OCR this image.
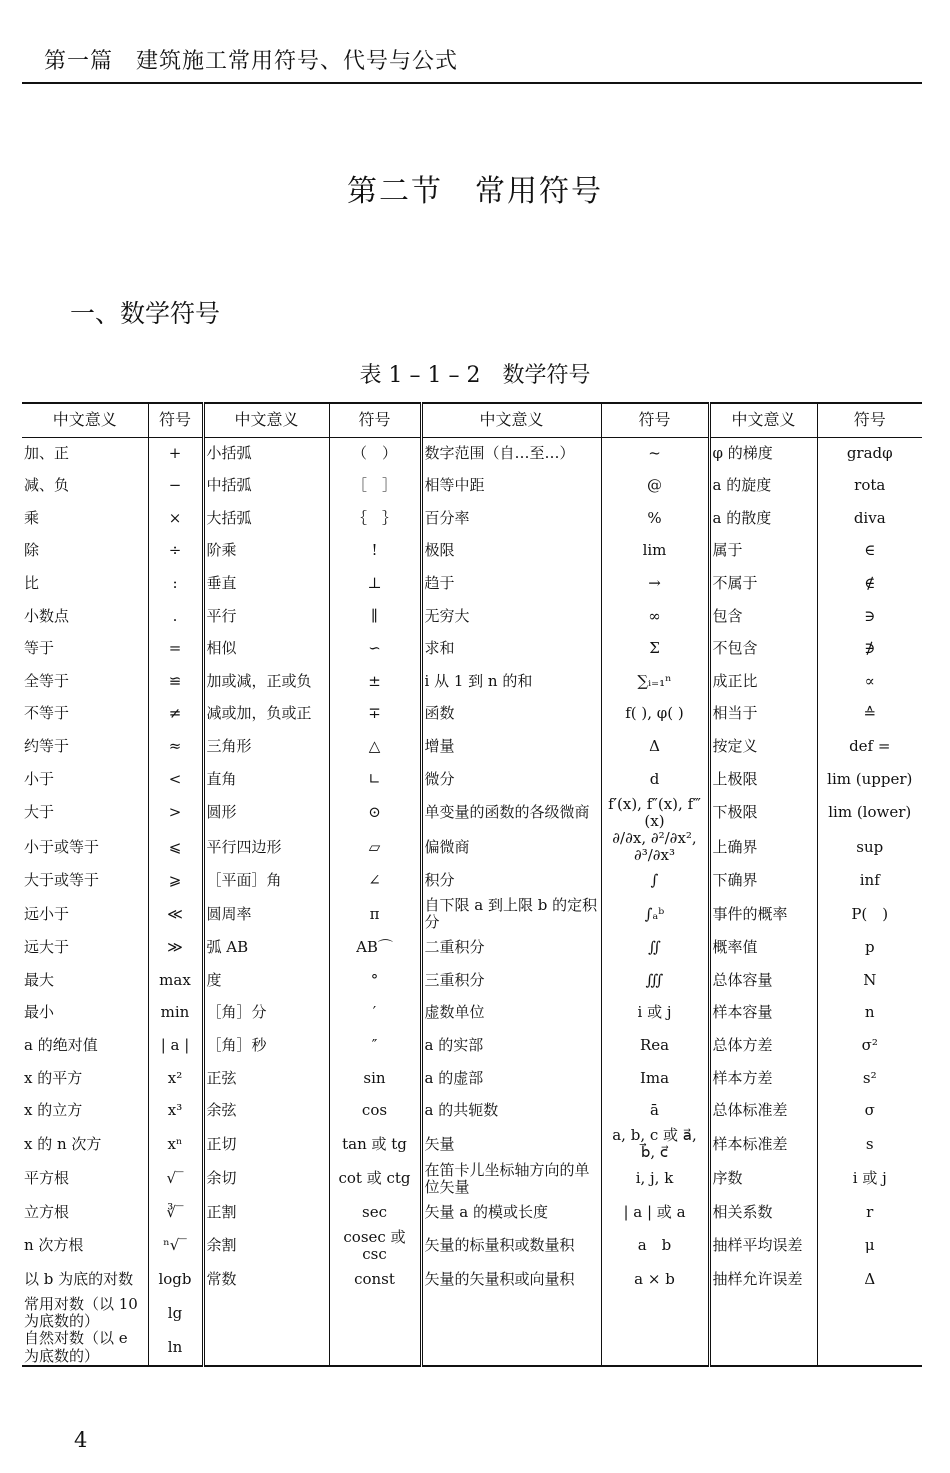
第一篇　建筑施工常用符号、代号与公式
第二节　常用符号
一、数学符号
表 1 – 1 – 2　数学符号
中文意义	符号	中文意义	符号	中文意义	符号	中文意义	符号
加、正	+	小括弧	（　）	数字范围（自…至…）	~	φ 的梯度	gradφ
减、负	−	中括弧	［　］	相等中距	@	a 的旋度	rota
乘	×	大括弧	｛　｝	百分率	%	a 的散度	diva
除	÷	阶乘	!	极限	lim	属于	∈
比	:	垂直	⊥	趋于	→	不属于	∉
小数点	.	平行	∥	无穷大	∞	包含	∋
等于	=	相似	∽	求和	Σ	不包含	∌
全等于	≌	加或减，正或负	±	i 从 1 到 n 的和	∑ᵢ₌₁ⁿ	成正比	∝
不等于	≠	减或加，负或正	∓	函数	f( ), φ( )	相当于	≙
约等于	≈	三角形	△	增量	Δ	按定义	def =
小于	<	直角	∟	微分	d	上极限	lim (upper)
大于	>	圆形	⊙	单变量的函数的各级微商	f′(x), f″(x), f‴(x)	下极限	lim (lower)
小于或等于	⩽	平行四边形	▱	偏微商	∂/∂x, ∂²/∂x², ∂³/∂x³	上确界	sup
大于或等于	⩾	［平面］角	∠	积分	∫	下确界	inf
远小于	≪	圆周率	π	自下限 a 到上限 b 的定积分	∫ₐᵇ	事件的概率	P(　)
远大于	≫	弧 AB	AB⌒	二重积分	∬	概率值	p
最大	max	度	°	三重积分	∭	总体容量	N
最小	min	［角］分	′	虚数单位	i 或 j	样本容量	n
a 的绝对值	| a |	［角］秒	″	a 的实部	Rea	总体方差	σ²
x 的平方	x²	正弦	sin	a 的虚部	Ima	样本方差	s²
x 的立方	x³	余弦	cos	a 的共轭数	ā	总体标准差	σ
x 的 n 次方	xⁿ	正切	tan 或 tg	矢量	a, b, c 或 a⃗, b⃗, c⃗	样本标准差	s
平方根	√‾	余切	cot 或 ctg	在笛卡儿坐标轴方向的单位矢量	i, j, k	序数	i 或 j
立方根	∛‾	正割	sec	矢量 a 的模或长度	| a | 或 a	相关系数	r
n 次方根	ⁿ√‾	余割	cosec 或 csc	矢量的标量积或数量积	a　b	抽样平均误差	μ
以 b 为底的对数	logb	常数	const	矢量的矢量积或向量积	a × b	抽样允许误差	Δ
常用对数（以 10 为底数的）	lg						
自然对数（以 e 为底数的）	ln						
4
